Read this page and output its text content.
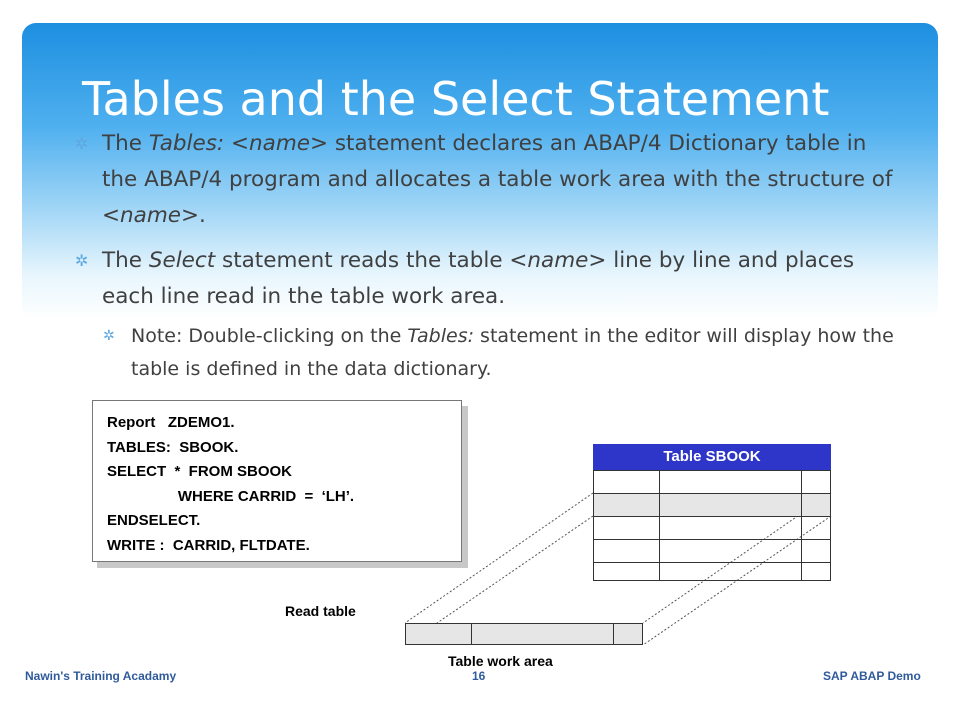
Tables and the Select Statement
✲ The Tables: <name> statement declares an ABAP/4 Dictionary table in the ABAP/4 program and allocates a table work area with the structure of <name>.
✲ The Select statement reads the table <name> line by line and places each line read in the table work area.
✲ Note: Double-clicking on the Tables: statement in the editor will display how the table is defined in the data dictionary.
Report   ZDEMO1.
TABLES:  SBOOK.
SELECT  *  FROM SBOOK
WHERE CARRID  =  ‘LH’.
ENDSELECT.
WRITE :  CARRID, FLTDATE.
Table SBOOK
Read table
Table work area
Nawin's Training Acadamy	16	SAP ABAP Demo
